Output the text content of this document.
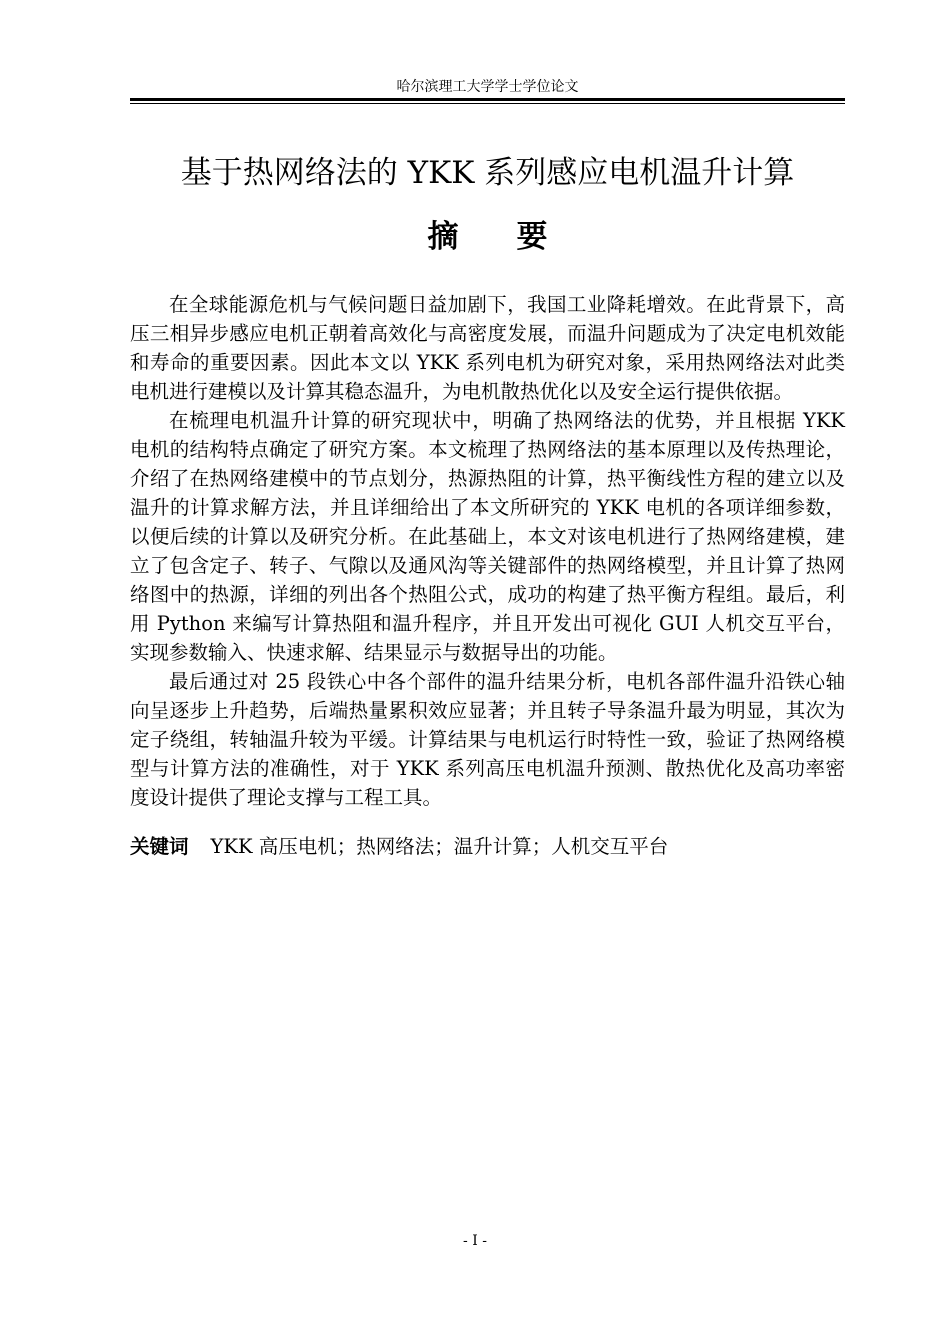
哈尔滨理工大学学士学位论文
基于热网络法的 YKK 系列感应电机温升计算
摘要

在全球能源危机与气候问题日益加剧下，我国工业降耗增效。在此背景下，高压三相异步感应电机正朝着高效化与高密度发展，而温升问题成为了决定电机效能和寿命的重要因素。因此本文以 YKK 系列电机为研究对象，采用热网络法对此类电机进行建模以及计算其稳态温升，为电机散热优化以及安全运行提供依据。

在梳理电机温升计算的研究现状中，明确了热网络法的优势，并且根据 YKK 电机的结构特点确定了研究方案。本文梳理了热网络法的基本原理以及传热理论，介绍了在热网络建模中的节点划分，热源热阻的计算，热平衡线性方程的建立以及温升的计算求解方法，并且详细给出了本文所研究的 YKK 电机的各项详细参数，以便后续的计算以及研究分析。在此基础上，本文对该电机进行了热网络建模，建立了包含定子、转子、气隙以及通风沟等关键部件的热网络模型，并且计算了热网络图中的热源，详细的列出各个热阻公式，成功的构建了热平衡方程组。最后，利用 Python 来编写计算热阻和温升程序，并且开发出可视化 GUI 人机交互平台，实现参数输入、快速求解、结果显示与数据导出的功能。

最后通过对 25 段铁心中各个部件的温升结果分析，电机各部件温升沿铁心轴向呈逐步上升趋势，后端热量累积效应显著；并且转子导条温升最为明显，其次为定子绕组，转轴温升较为平缓。计算结果与电机运行时特性一致，验证了热网络模型与计算方法的准确性，对于 YKK 系列高压电机温升预测、散热优化及高功率密度设计提供了理论支撑与工程工具。

关键词 YKK 高压电机；热网络法；温升计算；人机交互平台
- I -
